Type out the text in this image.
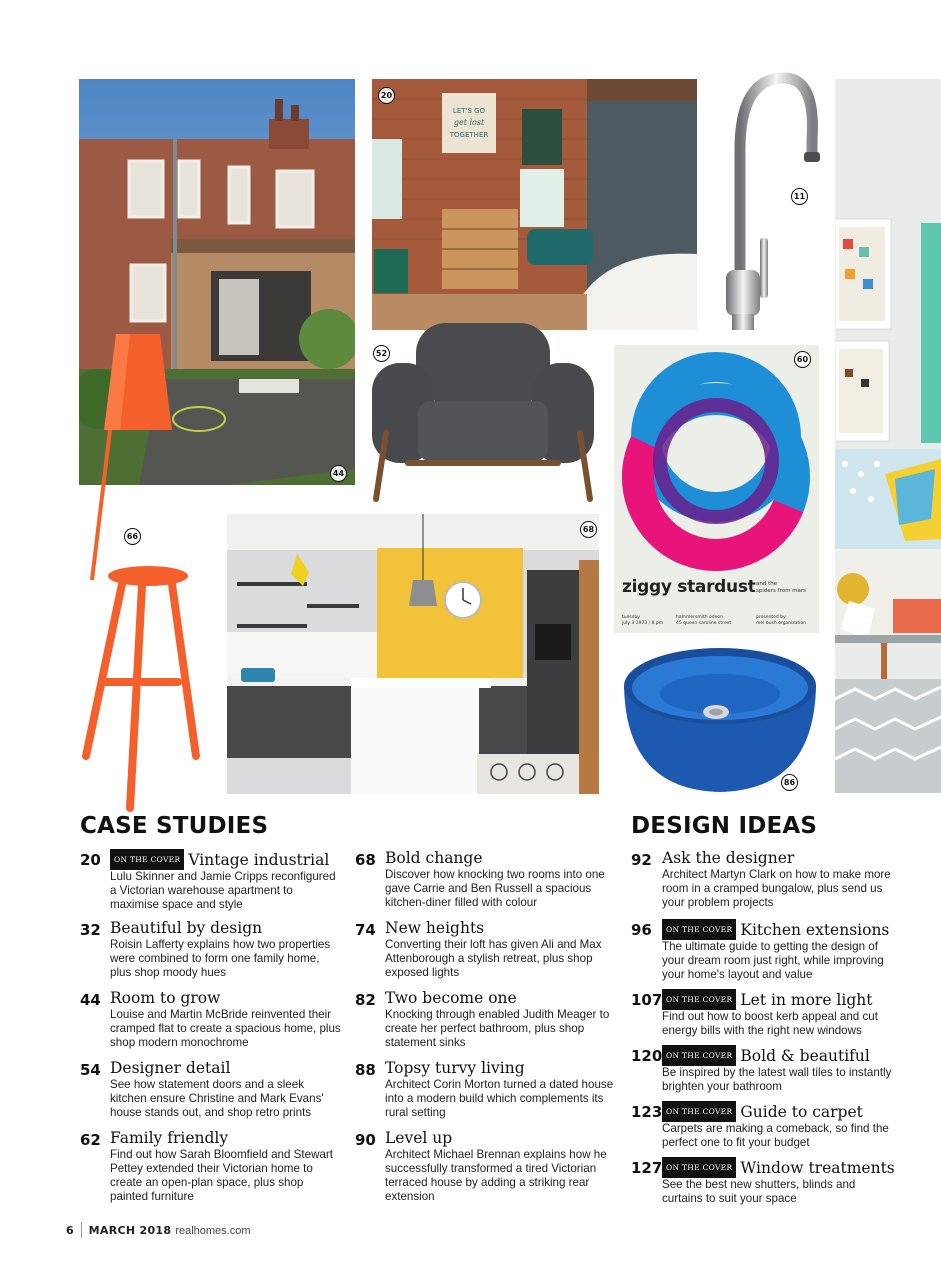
44
LET'S GO
get lost
TOGETHER
20
11
52
ziggy stardust and the
spiders from mars
tuesday
july 3 1973 / 8 pm
hammersmith odeon
45 queen caroline street
presented by
mel bush organization
60
66
68
86
CASE STUDIES
20	ON THE COVER Vintage industrial
Lulu Skinner and Jamie Cripps reconfigured a Victorian warehouse apartment to maximise space and style
32 Beautiful by design
Roisin Lafferty explains how two properties were combined to form one family home, plus shop moody hues
44 Room to grow
Louise and Martin McBride reinvented their cramped flat to create a spacious home, plus shop modern monochrome
54 Designer detail
See how statement doors and a sleek kitchen ensure Christine and Mark Evans' house stands out, and shop retro prints
62 Family friendly
Find out how Sarah Bloomfield and Stewart Pettey extended their Victorian home to create an open-plan space, plus shop painted furniture
68 Bold change
Discover how knocking two rooms into one gave Carrie and Ben Russell a spacious kitchen-diner filled with colour
74 New heights
Converting their loft has given Ali and Max Attenborough a stylish retreat, plus shop exposed lights
82 Two become one
Knocking through enabled Judith Meager to create her perfect bathroom, plus shop statement sinks
88 Topsy turvy living
Architect Corin Morton turned a dated house into a modern build which complements its rural setting
90 Level up
Architect Michael Brennan explains how he successfully transformed a tired Victorian terraced house by adding a striking rear extension
DESIGN IDEAS
92 Ask the designer
Architect Martyn Clark on how to make more room in a cramped bungalow, plus send us your problem projects
96	ON THE COVER Kitchen extensions
The ultimate guide to getting the design of your dream room just right, while improving your home's layout and value
107 ON THE COVER Let in more light
Find out how to boost kerb appeal and cut energy bills with the right new windows
120 ON THE COVER Bold & beautiful
Be inspired by the latest wall tiles to instantly brighten your bathroom
123 ON THE COVER Guide to carpet
Carpets are making a comeback, so find the perfect one to fit your budget
127 ON THE COVER Window treatments
See the best new shutters, blinds and curtains to suit your space
6 MARCH 2018 realhomes.com
